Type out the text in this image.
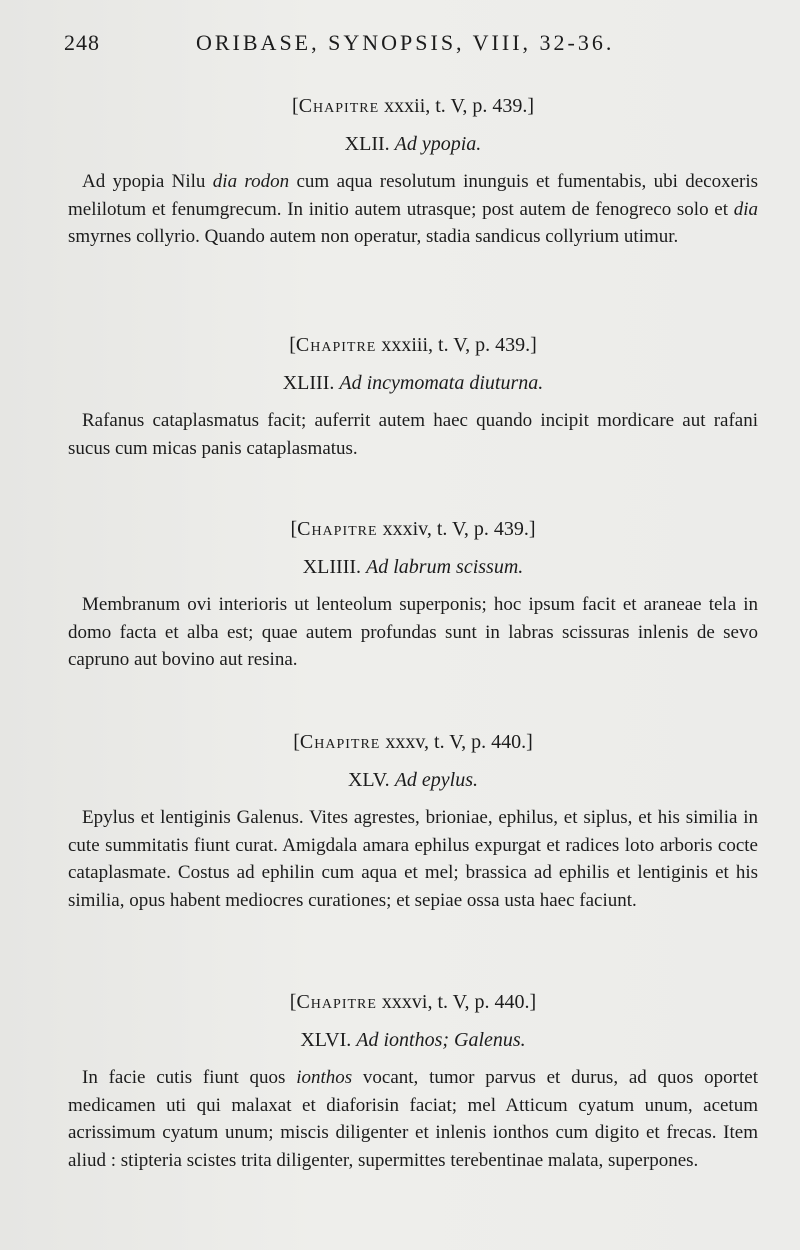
248	ORIBASE, SYNOPSIS, VIII, 32-36.

[Chapitre xxxii, t. V, p. 439.]

XLII. Ad ypopia.

Ad ypopia Nilu dia rodon cum aqua resolutum inunguis et fumentabis, ubi decoxeris melilotum et fenumgrecum. In initio autem utrasque; post autem de fenogreco solo et dia smyrnes collyrio. Quando autem non operatur, stadia sandicus collyrium utimur.

[Chapitre xxxiii, t. V, p. 439.]

XLIII. Ad incymomata diuturna.

Rafanus cataplasmatus facit; auferrit autem haec quando incipit mordicare aut rafani sucus cum micas panis cataplasmatus.

[Chapitre xxxiv, t. V, p. 439.]

XLIIII. Ad labrum scissum.

Membranum ovi interioris ut lenteolum superponis; hoc ipsum facit et araneae tela in domo facta et alba est; quae autem profundas sunt in labras scissuras inlenis de sevo capruno aut bovino aut resina.

[Chapitre xxxv, t. V, p. 440.]

XLV. Ad epylus.

Epylus et lentiginis Galenus. Vites agrestes, brioniae, ephilus, et siplus, et his similia in cute summitatis fiunt curat. Amigdala amara ephilus expurgat et radices loto arboris cocte cataplasmate. Costus ad ephilin cum aqua et mel; brassica ad ephilis et lentiginis et his similia, opus habent mediocres curationes; et sepiae ossa usta haec faciunt.

[Chapitre xxxvi, t. V, p. 440.]

XLVI. Ad ionthos; Galenus.

In facie cutis fiunt quos ionthos vocant, tumor parvus et durus, ad quos oportet medicamen uti qui malaxat et diaforisin faciat; mel Atticum cyatum unum, acetum acrissimum cyatum unum; miscis diligenter et inlenis ionthos cum digito et frecas. Item aliud : stipteria scistes trita diligenter, supermittes terebentinae malata, superpones.
